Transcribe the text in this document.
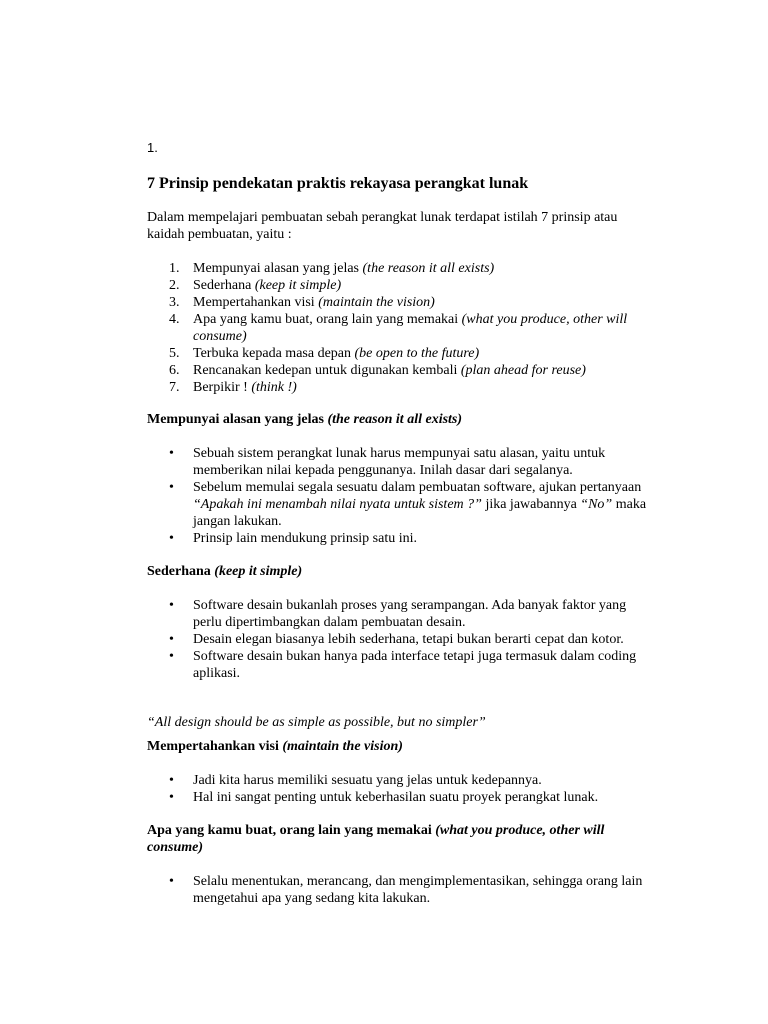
1.
7 Prinsip pendekatan praktis rekayasa perangkat lunak
Dalam mempelajari pembuatan sebah perangkat lunak terdapat istilah 7 prinsip atau kaidah pembuatan, yaitu :
1. Mempunyai alasan yang jelas (the reason it all exists)
2. Sederhana (keep it simple)
3. Mempertahankan visi (maintain the vision)
4. Apa yang kamu buat, orang lain yang memakai (what you produce, other will consume)
5. Terbuka kepada masa depan (be open to the future)
6. Rencanakan kedepan untuk digunakan kembali (plan ahead for reuse)
7. Berpikir ! (think !)
Mempunyai alasan yang jelas (the reason it all exists)
• Sebuah sistem perangkat lunak harus mempunyai satu alasan, yaitu untuk memberikan nilai kepada penggunanya. Inilah dasar dari segalanya.
• Sebelum memulai segala sesuatu dalam pembuatan software, ajukan pertanyaan “Apakah ini menambah nilai nyata untuk sistem ?” jika jawabannya “No” maka jangan lakukan.
• Prinsip lain mendukung prinsip satu ini.
Sederhana (keep it simple)
• Software desain bukanlah proses yang serampangan. Ada banyak faktor yang perlu dipertimbangkan dalam pembuatan desain.
• Desain elegan biasanya lebih sederhana, tetapi bukan berarti cepat dan kotor.
• Software desain bukan hanya pada interface tetapi juga termasuk dalam coding aplikasi.
“All design should be as simple as possible, but no simpler”
Mempertahankan visi (maintain the vision)
• Jadi kita harus memiliki sesuatu yang jelas untuk kedepannya.
• Hal ini sangat penting untuk keberhasilan suatu proyek perangkat lunak.
Apa yang kamu buat, orang lain yang memakai (what you produce, other will consume)
• Selalu menentukan, merancang, dan mengimplementasikan, sehingga orang lain mengetahui apa yang sedang kita lakukan.
